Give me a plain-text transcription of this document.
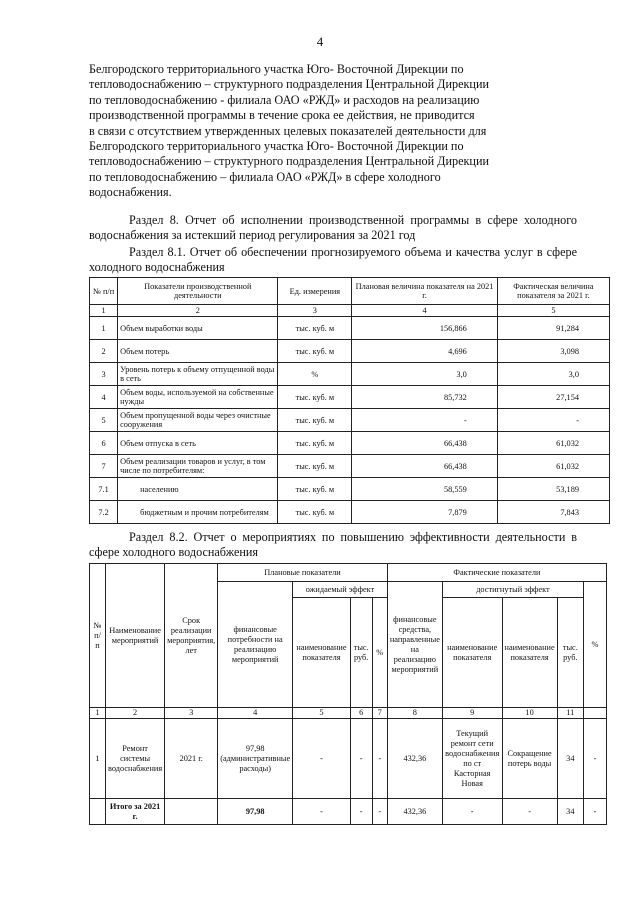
4
Белгородского территориального участка Юго- Восточной Дирекции по
тепловодоснабжению – структурного подразделения Центральной Дирекции
по тепловодоснабжению - филиала ОАО «РЖД» и расходов на реализацию
производственной программы в течение срока ее действия, не приводится
в связи с отсутствием утвержденных целевых показателей деятельности для
Белгородского территориального участка Юго- Восточной Дирекции по
тепловодоснабжению – структурного подразделения Центральной Дирекции
по тепловодоснабжению – филиала ОАО «РЖД» в сфере холодного
водоснабжения.
Раздел 8. Отчет об исполнении производственной программы в сфере холодного водоснабжения за истекший период регулирования за 2021 год
Раздел 8.1. Отчет об обеспечении прогнозируемого объема и качества услуг в сфере холодного водоснабжения
№ п/п	Показатели производственной деятельности	Ед. измерения	Плановая величина показателя на 2021 г.	Фактическая величина показателя за 2021 г.
1	2	3	4	5
1	Объем выработки воды	тыс. куб. м	156,866	91,284
2	Объем потерь	тыс. куб. м	4,696	3,098
3	Уровень потерь к объему отпущенной воды в сеть	%	3,0	3,0
4	Объем воды, используемой на собственные нужды	тыс. куб. м	85,732	27,154
5	Объем пропущенной воды через очистные сооружения	тыс. куб. м	-	-
6	Объем отпуска в сеть	тыс. куб. м	66,438	61,032
7	Объем реализации товаров и услуг, в том числе по потребителям:	тыс. куб. м	66,438	61,032
7.1	населению	тыс. куб. м	58,559	53,189
7.2	бюджетным и прочим потребителям	тыс. куб. м	7,879	7,843
Раздел 8.2. Отчет о мероприятиях по повышению эффективности деятельности в сфере холодного водоснабжения
№ п/п	Наименование мероприятий	Срок реализации мероприятия, лет	Плановые показатели				Фактические показатели				
			финансовые потребности на реализацию мероприятий	ожидаемый эффект			финансовые средства, направленные на реализацию мероприятий	достигнутый эффект			%
				наименование показателя	тыс. руб.	%		наименование показателя	наименование показателя	тыс. руб.	
1	2	3	4	5	6	7	8	9	10	11	
1	Ремонт системы водоснабжения	2021 г.	97,98 (административные расходы)	-	-	-	432,36	Текущий ремонт сети водоснабжения по ст Касторная Новая	Сокращение потерь воды	34	-
	Итого за 2021 г.		97,98	-	-	-	432,36	-	-	34	-
